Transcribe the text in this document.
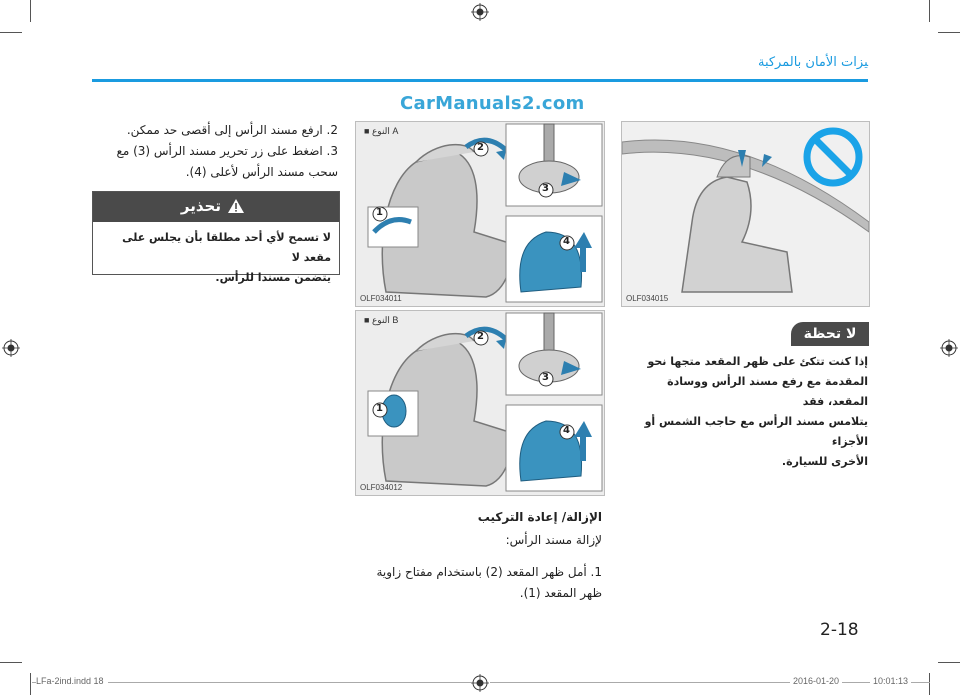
ﻴﺰﺍﺕ ﺍﻷﻣﺎﻥ ﺑﺎﻟﻤﺮﻛﺒﺔ
CarManuals2.com
2. ﺍﺭﻓﻊ ﻣﺴﻨﺪ ﺍﻟﺮﺃﺱ ﺇﻟﻰ ﺃﻗﺼﻰ ﺣﺪ ﻣﻤﻜﻦ.
3. ﺍﺿﻐﻂ ﻋﻠﻰ ﺯﺭ ﺗﺤﺮﻳﺮ ﻣﺴﻨﺪ ﺍﻟﺮﺃﺱ (3) ﻣﻊ
ﺳﺤﺐ ﻣﺴﻨﺪ ﺍﻟﺮﺃﺱ ﻷﻋﻠﻰ (4).
ﺗﺤﺬﻳﺮ
ﻻ ﺗﺴﻤﺢ ﻷﻱ ﺃﺣﺪ ﻣﻄﻠﻘﺎ ﺑﺄﻥ ﻳﺠﻠﺲ ﻋﻠﻰ ﻣﻘﻌﺪ ﻻ
ﻳﺘﻀﻤﻦ ﻣﺴﻨﺪﺍ ﻟﻠﺮﺃﺱ.
1
2
3
4
■ ﺍﻟﻨﻮﻉ A
OLF034011
1
2
3
4
■ ﺍﻟﻨﻮﻉ B
OLF034012
OLF034015
ﻻ ﺗﺤﻈﺔ
ﺇﺫﺍ ﻛﻨﺖ ﺗﺘﻜﺊ ﻋﻠﻰ ﻇﻬﺮ ﺍﻟﻤﻘﻌﺪ ﻣﺘﺠﻬﺎ ﻧﺤﻮ
ﺍﻟﻤﻘﺪﻣﺔ ﻣﻊ ﺭﻓﻊ ﻣﺴﻨﺪ ﺍﻟﺮﺃﺱ ﻭﻭﺳﺎﺩﺓ ﺍﻟﻤﻘﻌﺪ، ﻓﻘﺪ
ﻳﺘﻼﻣﺲ ﻣﺴﻨﺪ ﺍﻟﺮﺃﺱ ﻣﻊ ﺣﺎﺟﺐ ﺍﻟﺸﻤﺲ ﺃﻭ ﺍﻷﺟﺰﺍﺀ
ﺍﻷﺧﺮﻯ ﻟﻠﺴﻴﺎﺭﺓ.
ﺍﻹﺯﺍﻟﺔ/ ﺇﻋﺎﺩﺓ ﺍﻟﺘﺮﻛﻴﺐ
ﻹﺯﺍﻟﺔ ﻣﺴﻨﺪ ﺍﻟﺮﺃﺱ:
1. ﺃﻣﻞ ﻇﻬﺮ ﺍﻟﻤﻘﻌﺪ (2) ﺑﺎﺳﺘﺨﺪﺍﻡ ﻣﻔﺘﺎﺡ ﺯﺍﻭﻳﺔ
ﻇﻬﺮ ﺍﻟﻤﻘﻌﺪ (1).
2-18
LFa-2ind.indd 18	2016-01-20	10:01:13
